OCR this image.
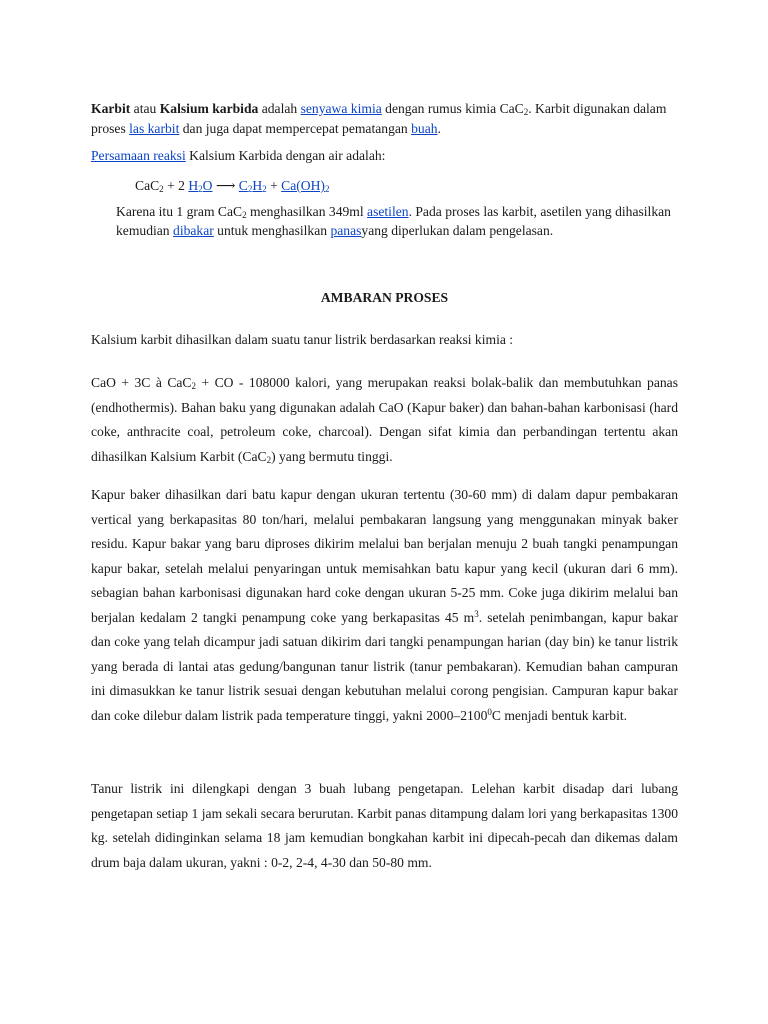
Karbit atau Kalsium karbida adalah senyawa kimia dengan rumus kimia CaC$_2$. Karbit digunakan dalam proses las karbit dan juga dapat mempercepat pematangan buah.

Persamaan reaksi Kalsium Karbida dengan air adalah:

CaC$_2$ + 2 $H_2O$ ⟶ $C_2H_2 + Ca(OH)_2$

Karena itu 1 gram CaC$_2$ menghasilkan 349ml asetilen. Pada proses las karbit, asetilen yang dihasilkan kemudian dibakar untuk menghasilkan panasyang diperlukan dalam pengelasan.

AMBARAN PROSES

Kalsium karbit dihasilkan dalam suatu tanur listrik berdasarkan reaksi kimia :

CaO + 3C à CaC$_2$ + CO - 108000 kalori, yang merupakan reaksi bolak-balik dan membutuhkan panas (endhothermis). Bahan baku yang digunakan adalah CaO (Kapur baker) dan bahan-bahan karbonisasi (hard coke, anthracite coal, petroleum coke, charcoal). Dengan sifat kimia dan perbandingan tertentu akan dihasilkan Kalsium Karbit (CaC$_2$) yang bermutu tinggi.

Kapur baker dihasilkan dari batu kapur dengan ukuran tertentu (30-60 mm) di dalam dapur pembakaran vertical yang berkapasitas 80 ton/hari, melalui pembakaran langsung yang menggunakan minyak baker residu. Kapur bakar yang baru diproses dikirim melalui ban berjalan menuju 2 buah tangki penampungan kapur bakar, setelah melalui penyaringan untuk memisahkan batu kapur yang kecil (ukuran dari 6 mm). sebagian bahan karbonisasi digunakan hard coke dengan ukuran 5-25 mm. Coke juga dikirim melalui ban berjalan kedalam 2 tangki penampung coke yang berkapasitas 45 $m^3$. setelah penimbangan, kapur bakar dan coke yang telah dicampur jadi satuan dikirim dari tangki penampungan harian (day bin) ke tanur listrik yang berada di lantai atas gedung/bangunan tanur listrik (tanur pembakaran). Kemudian bahan campuran ini dimasukkan ke tanur listrik sesuai dengan kebutuhan melalui corong pengisian. Campuran kapur bakar dan coke dilebur dalam listrik pada temperature tinggi, yakni 2000–2100$^0$C menjadi bentuk karbit.

Tanur listrik ini dilengkapi dengan 3 buah lubang pengetapan. Lelehan karbit disadap dari lubang pengetapan setiap 1 jam sekali secara berurutan. Karbit panas ditampung dalam lori yang berkapasitas 1300 kg. setelah didinginkan selama 18 jam kemudian bongkahan karbit ini dipecah-pecah dan dikemas dalam drum baja dalam ukuran, yakni : 0-2, 2-4, 4-30 dan 50-80 mm.
